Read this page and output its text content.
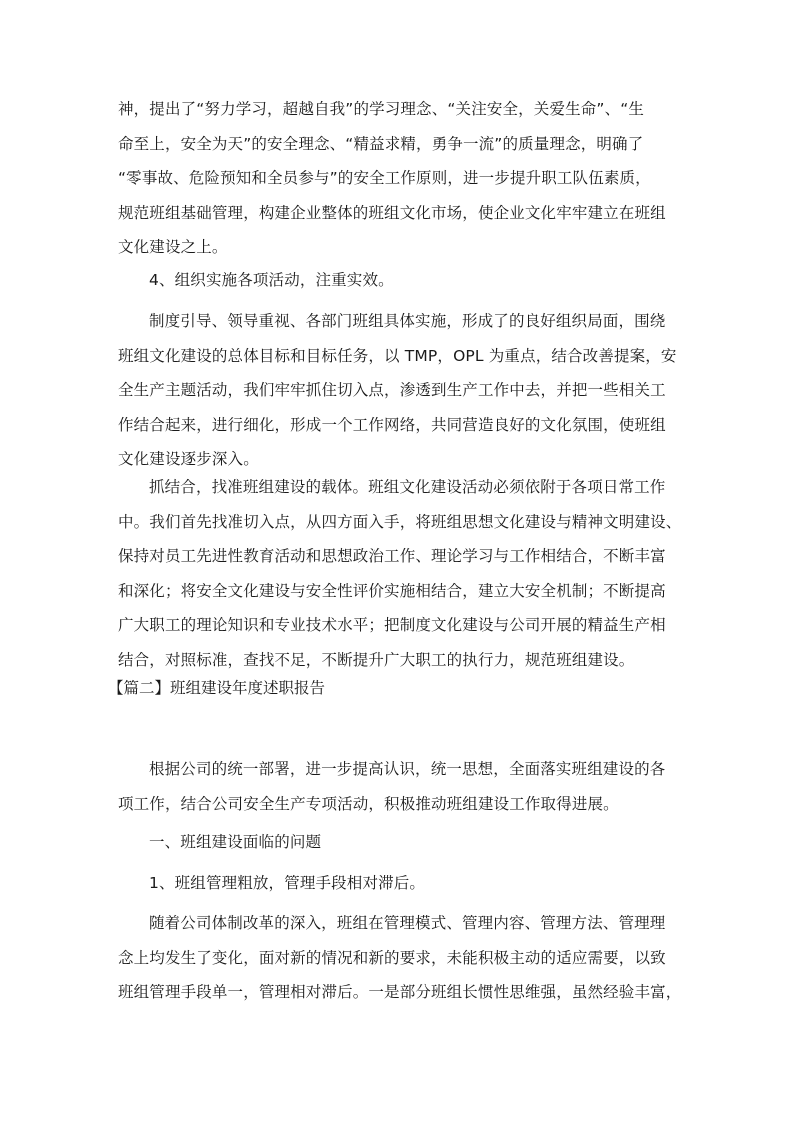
神，提出了“努力学习，超越自我”的学习理念、“关注安全，关爱生命”、“生
命至上，安全为天”的安全理念、“精益求精，勇争一流”的质量理念，明确了
“零事故、危险预知和全员参与”的安全工作原则，进一步提升职工队伍素质，
规范班组基础管理，构建企业整体的班组文化市场，使企业文化牢牢建立在班组
文化建设之上。

4、组织实施各项活动，注重实效。

制度引导、领导重视、各部门班组具体实施，形成了的良好组织局面，围绕
班组文化建设的总体目标和目标任务，以 TMP，OPL 为重点，结合改善提案，安
全生产主题活动，我们牢牢抓住切入点，渗透到生产工作中去，并把一些相关工
作结合起来，进行细化，形成一个工作网络，共同营造良好的文化氛围，使班组
文化建设逐步深入。

抓结合，找准班组建设的载体。班组文化建设活动必须依附于各项日常工作
中。我们首先找准切入点，从四方面入手，将班组思想文化建设与精神文明建设、
保持对员工先进性教育活动和思想政治工作、理论学习与工作相结合，不断丰富
和深化；将安全文化建设与安全性评价实施相结合，建立大安全机制；不断提高
广大职工的理论知识和专业技术水平；把制度文化建设与公司开展的精益生产相
结合，对照标准，查找不足，不断提升广大职工的执行力，规范班组建设。

【篇二】班组建设年度述职报告

根据公司的统一部署，进一步提高认识，统一思想，全面落实班组建设的各
项工作，结合公司安全生产专项活动，积极推动班组建设工作取得进展。

一、班组建设面临的问题

1、班组管理粗放，管理手段相对滞后。

随着公司体制改革的深入，班组在管理模式、管理内容、管理方法、管理理
念上均发生了变化，面对新的情况和新的要求，未能积极主动的适应需要，以致
班组管理手段单一，管理相对滞后。一是部分班组长惯性思维强，虽然经验丰富，
